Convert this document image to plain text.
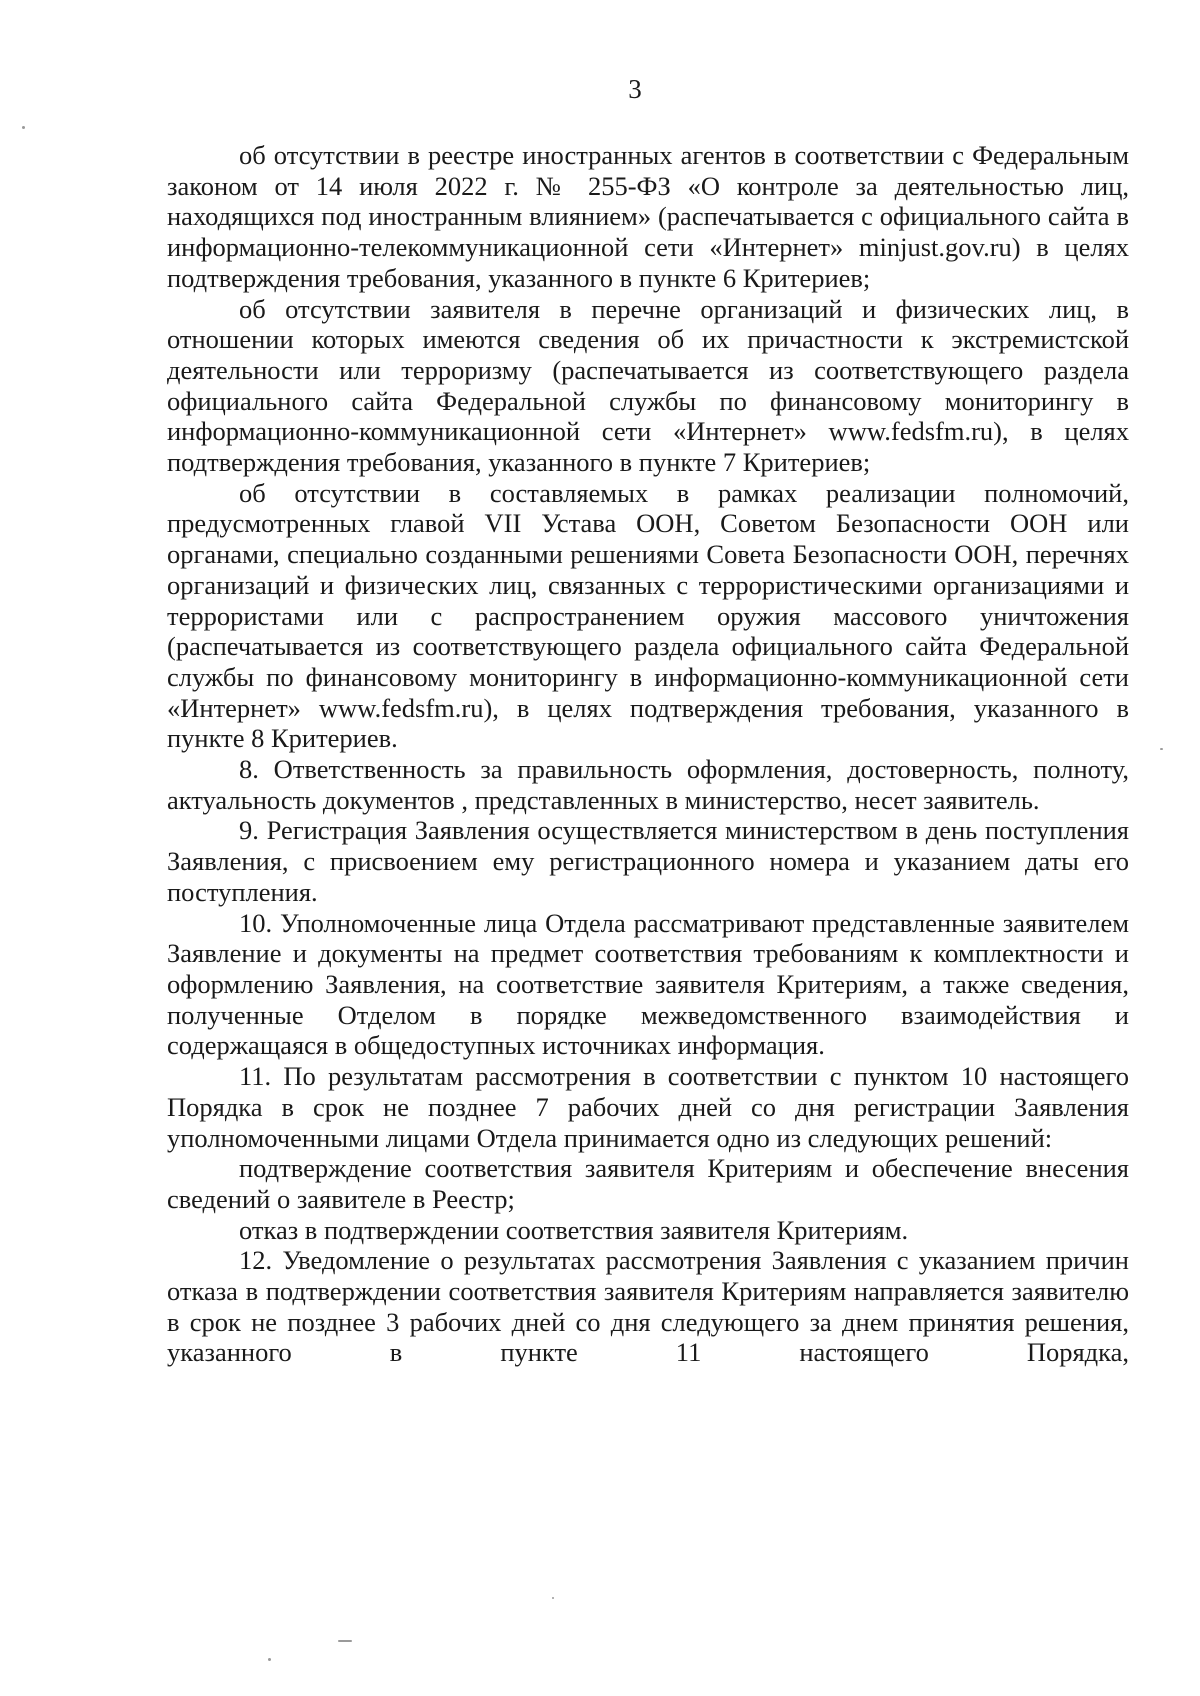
3

об отсутствии в реестре иностранных агентов в соответствии с Федеральным законом от 14 июля 2022 г. № 255-ФЗ «О контроле за деятельностью лиц, находящихся под иностранным влиянием» (распечатывается с официального сайта в информационно-телекоммуникационной сети «Интернет» minjust.gov.ru) в целях подтверждения требования, указанного в пункте 6 Критериев;

об отсутствии заявителя в перечне организаций и физических лиц, в отношении которых имеются сведения об их причастности к экстремистской деятельности или терроризму (распечатывается из соответствующего раздела официального сайта Федеральной службы по финансовому мониторингу в информационно-коммуникационной сети «Интернет» www.fedsfm.ru), в целях подтверждения требования, указанного в пункте 7 Критериев;

об отсутствии в составляемых в рамках реализации полномочий, предусмотренных главой VII Устава ООН, Советом Безопасности ООН или органами, специально созданными решениями Совета Безопасности ООН, перечнях организаций и физических лиц, связанных с террористическими организациями и террористами или с распространением оружия массового уничтожения (распечатывается из соответствующего раздела официального сайта Федеральной службы по финансовому мониторингу в информационно-коммуникационной сети «Интернет» www.fedsfm.ru), в целях подтверждения требования, указанного в пункте 8 Критериев.

8. Ответственность за правильность оформления, достоверность, полноту, актуальность документов , представленных в министерство, несет заявитель.

9. Регистрация Заявления осуществляется министерством в день поступления Заявления, с присвоением ему регистрационного номера и указанием даты его поступления.

10. Уполномоченные лица Отдела рассматривают представленные заявителем Заявление и документы на предмет соответствия требованиям к комплектности и оформлению Заявления, на соответствие заявителя Критериям, а также сведения, полученные Отделом в порядке межведомственного взаимодействия и содержащаяся в общедоступных источниках информация.

11. По результатам рассмотрения в соответствии с пунктом 10 настоящего Порядка в срок не позднее 7 рабочих дней со дня регистрации Заявления уполномоченными лицами Отдела принимается одно из следующих решений:

подтверждение соответствия заявителя Критериям и обеспечение внесения сведений о заявителе в Реестр;

отказ в подтверждении соответствия заявителя Критериям.

12. Уведомление о результатах рассмотрения Заявления с указанием причин отказа в подтверждении соответствия заявителя Критериям направляется заявителю в срок не позднее 3 рабочих дней со дня следующего за днем принятия решения, указанного в пункте 11 настоящего Порядка,
